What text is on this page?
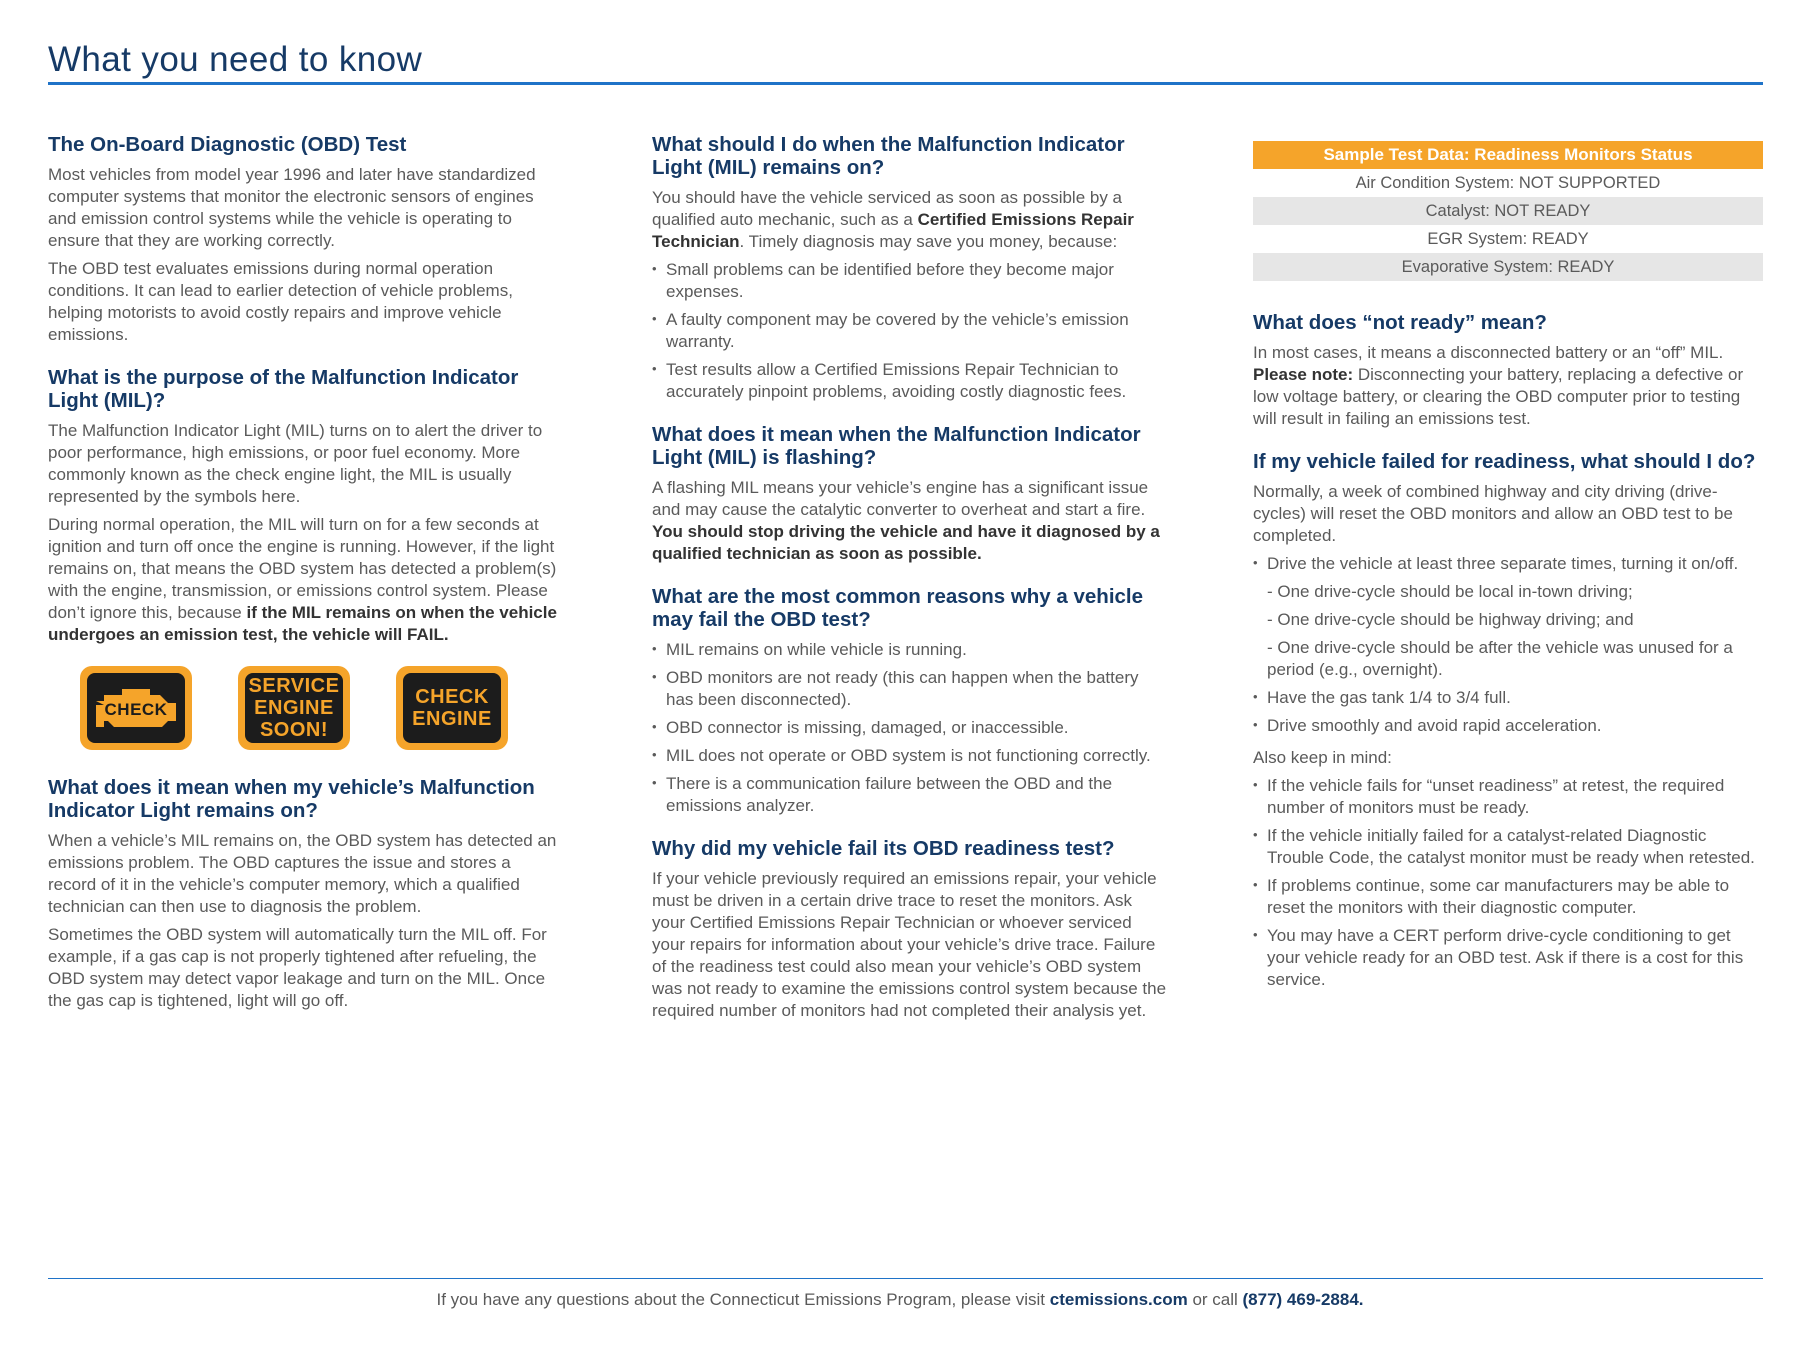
What you need to know
The On-Board Diagnostic (OBD) Test

Most vehicles from model year 1996 and later have standardized computer systems that monitor the electronic sensors of engines and emission control systems while the vehicle is operating to ensure that they are working correctly.

The OBD test evaluates emissions during normal operation conditions. It can lead to earlier detection of vehicle problems, helping motorists to avoid costly repairs and improve vehicle emissions.

What is the purpose of the Malfunction Indicator Light (MIL)?

The Malfunction Indicator Light (MIL) turns on to alert the driver to poor performance, high emissions, or poor fuel economy. More commonly known as the check engine light, the MIL is usually represented by the symbols here.

During normal operation, the MIL will turn on for a few seconds at ignition and turn off once the engine is running. However, if the light remains on, that means the OBD system has detected a problem(s) with the engine, transmission, or emissions control system. Please don’t ignore this, because if the MIL remains on when the vehicle undergoes an emission test, the vehicle will FAIL.

CHECK
SERVICE
ENGINE
SOON!
CHECK
ENGINE
What does it mean when my vehicle’s Malfunction Indicator Light remains on?

When a vehicle’s MIL remains on, the OBD system has detected an emissions problem. The OBD captures the issue and stores a record of it in the vehicle’s computer memory, which a qualified technician can then use to diagnosis the problem.

Sometimes the OBD system will automatically turn the MIL off. For example, if a gas cap is not properly tightened after refueling, the OBD system may detect vapor leakage and turn on the MIL. Once the gas cap is tightened, light will go off.

What should I do when the Malfunction Indicator Light (MIL) remains on?

You should have the vehicle serviced as soon as possible by a qualified auto mechanic, such as a Certified Emissions Repair Technician. Timely diagnosis may save you money, because:

• Small problems can be identified before they become major expenses.
• A faulty component may be covered by the vehicle’s emission warranty.
• Test results allow a Certified Emissions Repair Technician to accurately pinpoint problems, avoiding costly diagnostic fees.
What does it mean when the Malfunction Indicator Light (MIL) is flashing?

A flashing MIL means your vehicle’s engine has a significant issue and may cause the catalytic converter to overheat and start a fire. You should stop driving the vehicle and have it diagnosed by a qualified technician as soon as possible.

What are the most common reasons why a vehicle may fail the OBD test?
• MIL remains on while vehicle is running.
• OBD monitors are not ready (this can happen when the battery has been disconnected).
• OBD connector is missing, damaged, or inaccessible.
• MIL does not operate or OBD system is not functioning correctly.
• There is a communication failure between the OBD and the emissions analyzer.
Why did my vehicle fail its OBD readiness test?

If your vehicle previously required an emissions repair, your vehicle must be driven in a certain drive trace to reset the monitors. Ask your Certified Emissions Repair Technician or whoever serviced your repairs for information about your vehicle’s drive trace. Failure of the readiness test could also mean your vehicle’s OBD system was not ready to examine the emissions control system because the required number of monitors had not completed their analysis yet.

Sample Test Data: Readiness Monitors Status
Air Condition System: NOT SUPPORTED
Catalyst: NOT READY
EGR System: READY
Evaporative System: READY
What does “not ready” mean?

In most cases, it means a disconnected battery or an “off” MIL. Please note: Disconnecting your battery, replacing a defective or low voltage battery, or clearing the OBD computer prior to testing will result in failing an emissions test.

If my vehicle failed for readiness, what should I do?

Normally, a week of combined highway and city driving (drive-cycles) will reset the OBD monitors and allow an OBD test to be completed.

• Drive the vehicle at least three separate times, turning it on/off.
- One drive-cycle should be local in-town driving;
- One drive-cycle should be highway driving; and
- One drive-cycle should be after the vehicle was unused for a period (e.g., overnight).
• Have the gas tank 1/4 to 3/4 full.
• Drive smoothly and avoid rapid acceleration.

Also keep in mind:

• If the vehicle fails for “unset readiness” at retest, the required number of monitors must be ready.
• If the vehicle initially failed for a catalyst-related Diagnostic Trouble Code, the catalyst monitor must be ready when retested.
• If problems continue, some car manufacturers may be able to reset the monitors with their diagnostic computer.
• You may have a CERT perform drive-cycle conditioning to get your vehicle ready for an OBD test. Ask if there is a cost for this service.
If you have any questions about the Connecticut Emissions Program, please visit ctemissions.com or call (877) 469-2884.
